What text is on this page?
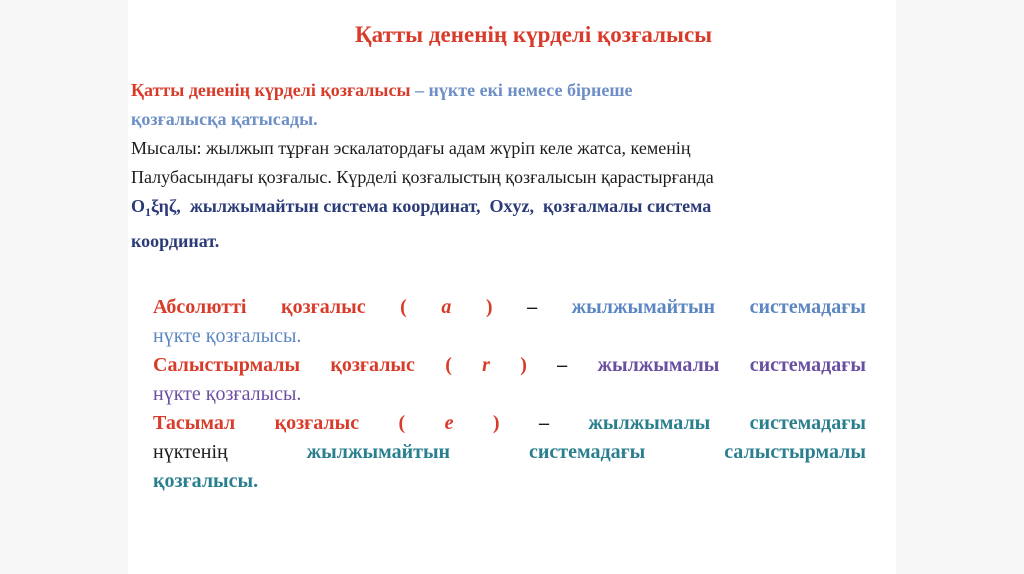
Қатты дененің күрделі қозғалысы
Қатты дененің күрделі қозғалысы – нүкте екі немесе бірнеше
қозғалысқа қатысады.
Мысалы: жылжып тұрған эскалатордағы адам жүріп келе жатса, кеменің
Палубасындағы қозғалыс. Күрделі қозғалыстың қозғалысын қарастырғанда
$O_1\xi\eta\zeta$, жылжымайтын система координат, Oxyz, қозғалмалы система
координат.
Абсолютті қозғалыс ( a ) – жылжымайтын системадағы
нүкте қозғалысы.
Салыстырмалы қозғалыс ( r ) – жылжымалы системадағы
нүкте қозғалысы.
Тасымал қозғалыс ( e ) – жылжымалы системадағы
нүктенің	жылжымайтын	системадағы	салыстырмалы
қозғалысы.
